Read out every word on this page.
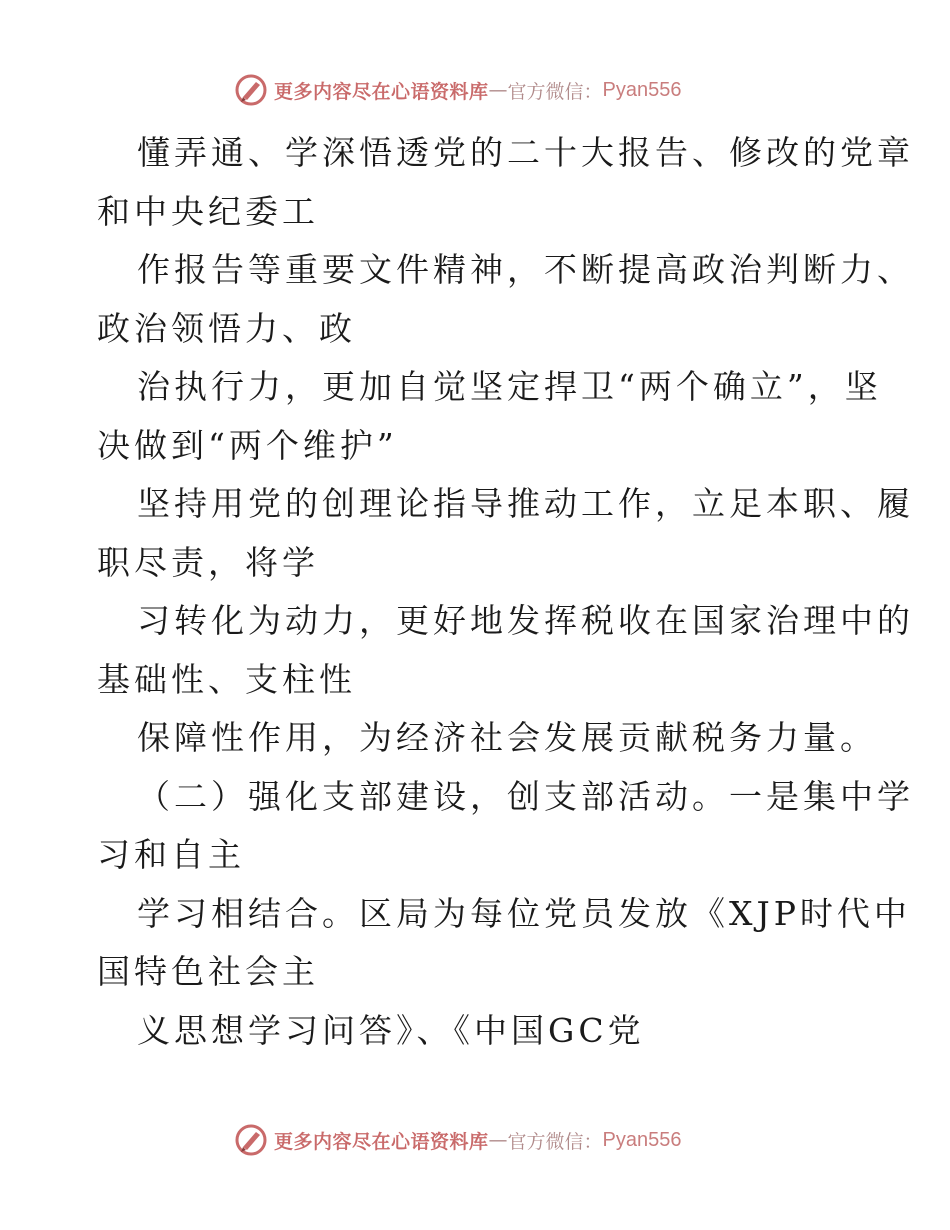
更多内容尽在心语资料库 — 官方微信： Pyan556
懂弄通、学深悟透党的二十大报告、修改的党章
和中央纪委工
作报告等重要文件精神，不断提高政治判断力、
政治领悟力、政
治执行力，更加自觉坚定捍卫“两个确立”，坚
决做到“两个维护”
坚持用党的创理论指导推动工作，立足本职、履
职尽责，将学
习转化为动力，更好地发挥税收在国家治理中的
基础性、支柱性
保障性作用，为经济社会发展贡献税务力量。
（二）强化支部建设，创支部活动。一是集中学
习和自主
学习相结合。区局为每位党员发放《XJP时代中
国特色社会主
义思想学习问答》、《中国GC党
更多内容尽在心语资料库 — 官方微信： Pyan556
